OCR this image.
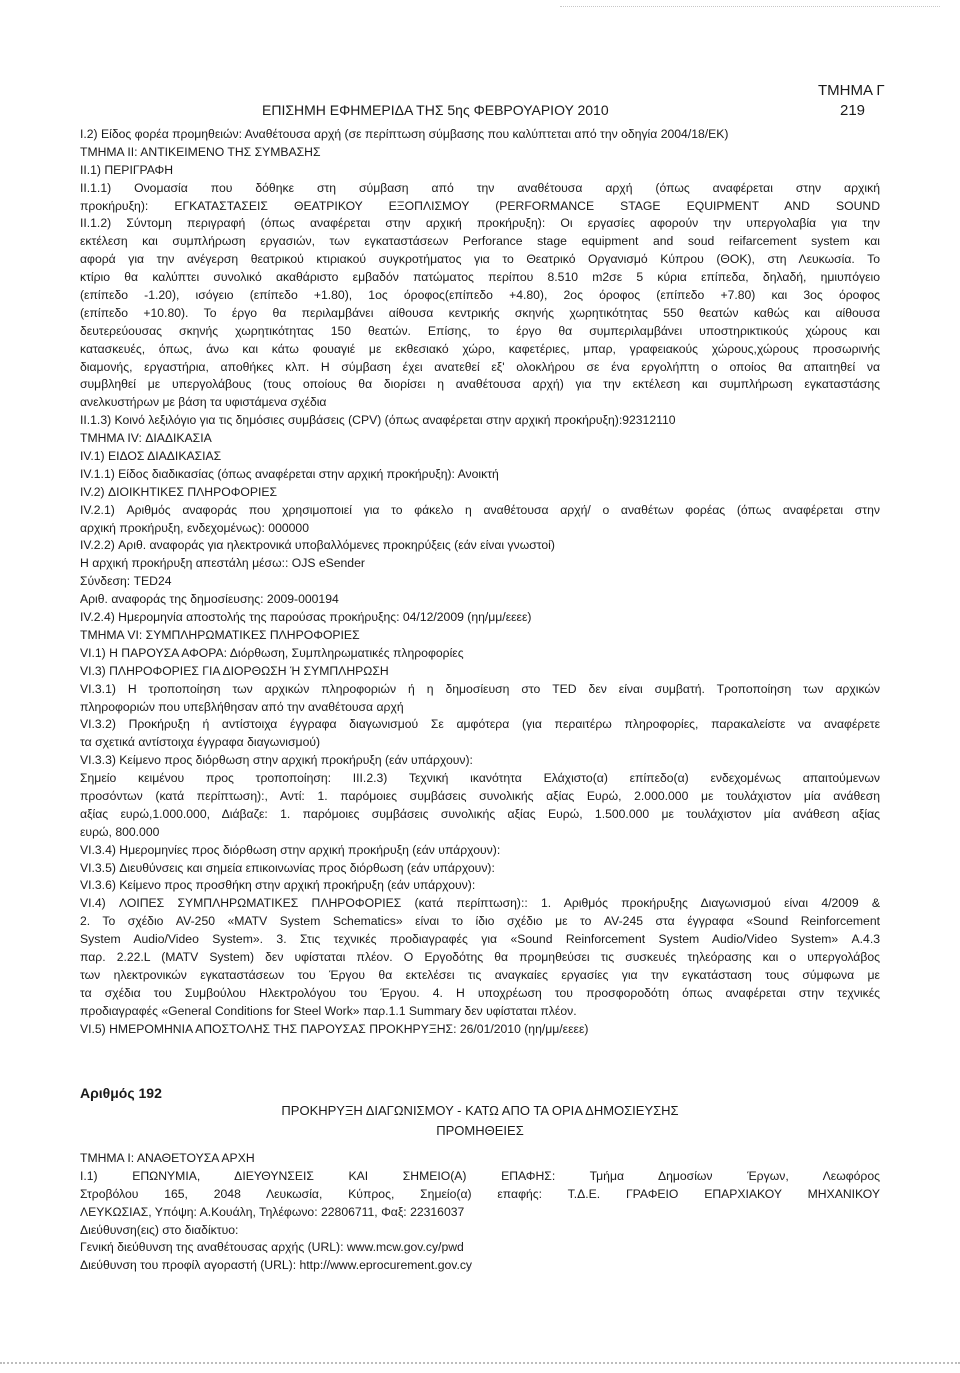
ΤΜΗΜΑ Γ
ΕΠΙΣΗΜΗ ΕΦΗΜΕΡΙΔΑ ΤΗΣ 5ης ΦΕΒΡΟΥΑΡΙΟΥ 2010	219
Ι.2) Είδος φορέα προμηθειών: Αναθέτουσα αρχή (σε περίπτωση σύμβασης που καλύπτεται από την οδηγία 2004/18/ΕΚ)
ΤΜΗΜΑ ΙΙ: ΑΝΤΙΚΕΙΜΕΝΟ ΤΗΣ ΣΥΜΒΑΣΗΣ
ΙΙ.1) ΠΕΡΙΓΡΑΦΗ
ΙΙ.1.1) Ονομασία που δόθηκε στη σύμβαση από την αναθέτουσα αρχή (όπως αναφέρεται στην αρχική
προκήρυξη): ΕΓΚΑΤΑΣΤΑΣΕΙΣ ΘΕΑΤΡΙΚΟΥ ΕΞΟΠΛΙΣΜΟΥ (PERFORMANCE STAGE EQUIPMENT AND SOUND
ΙΙ.1.2) Σύντομη περιγραφή (όπως αναφέρεται στην αρχική προκήρυξη): Οι εργασίες αφορούν την υπεργολαβία για την
εκτέλεση και συμπλήρωση εργασιών, των εγκαταστάσεων Perforance stage equipment and soud reifarcement system και
αφορά για την ανέγερση θεατρικού κτιριακού συγκροτήματος για το Θεατρικό Οργανισμό Κύπρου (ΘΟΚ), στη Λευκωσία. Το
κτίριο θα καλύπτει συνολικό ακαθάριστο εμβαδόν πατώματος περίπου 8.510 m2σε 5 κύρια επίπεδα, δηλαδή, ημιυπόγειο
(επίπεδο -1.20), ισόγειο (επίπεδο +1.80), 1ος όροφος(επίπεδο +4.80), 2ος όροφος (επίπεδο +7.80) και 3ος όροφος
(επίπεδο +10.80). Το έργο θα περιλαμβάνει αίθουσα κεντρικής σκηνής χωρητικότητας 550 θεατών καθώς και αίθουσα
δευτερεύουσας σκηνής χωρητικότητας 150 θεατών. Επίσης, το έργο θα συμπεριλαμβάνει υποστηρικτικούς χώρους και
κατασκευές, όπως, άνω και κάτω φουαγιέ με εκθεσιακό χώρο, καφετέριες, μπαρ, γραφειακούς χώρους,χώρους προσωρινής
διαμονής, εργαστήρια, αποθήκες κλπ. Η σύμβαση έχει ανατεθεί εξ' ολοκλήρου σε ένα εργολήπτη ο οποίος θα απαιτηθεί να
συμβληθεί με υπεργολάβους (τους οποίους θα διορίσει η αναθέτουσα αρχή) για την εκτέλεση και συμπλήρωση εγκαταστάσης
ανελκυστήρων με βάση τα υφιστάμενα σχέδια
ΙΙ.1.3) Κοινό λεξιλόγιο για τις δημόσιες συμβάσεις (CPV) (όπως αναφέρεται στην αρχική προκήρυξη):92312110
ΤΜΗΜΑ IV: ΔΙΑΔΙΚΑΣΙΑ
IV.1) ΕΙΔΟΣ ΔΙΑΔΙΚΑΣΙΑΣ
IV.1.1) Είδος διαδικασίας (όπως αναφέρεται στην αρχική προκήρυξη): Ανοικτή
IV.2) ΔΙΟΙΚΗΤΙΚΕΣ ΠΛΗΡΟΦΟΡΙΕΣ
IV.2.1) Αριθμός αναφοράς που χρησιμοποιεί για το φάκελο η αναθέτουσα αρχή/ ο αναθέτων φορέας (όπως αναφέρεται στην
αρχική προκήρυξη, ενδεχομένως): 000000
IV.2.2) Αριθ. αναφοράς για ηλεκτρονικά υποβαλλόμενες προκηρύξεις (εάν είναι γνωστοί)
Η αρχική προκήρυξη απεστάλη μέσω:: OJS eSender
Σύνδεση: TED24
Αριθ. αναφοράς της δημοσίευσης: 2009-000194
IV.2.4) Ημερομηνία αποστολής της παρούσας προκήρυξης: 04/12/2009 (ηη/μμ/εεεε)
ΤΜΗΜΑ VI: ΣΥΜΠΛΗΡΩΜΑΤΙΚΕΣ ΠΛΗΡΟΦΟΡΙΕΣ
VI.1) Η ΠΑΡΟΥΣΑ ΑΦΟΡΑ: Διόρθωση, Συμπληρωματικές πληροφορίες
VI.3) ΠΛΗΡΟΦΟΡΙΕΣ ΓΙΑ ΔΙΟΡΘΩΣΗ Ή ΣΥΜΠΛΗΡΩΣΗ
VI.3.1) Η τροποποίηση των αρχικών πληροφοριών ή η δημοσίευση στο TED δεν είναι συμβατή. Τροποποίηση των αρχικών
πληροφοριών που υπεβλήθησαν από την αναθέτουσα αρχή
VI.3.2) Προκήρυξη ή αντίστοιχα έγγραφα διαγωνισμού Σε αμφότερα (για περαιτέρω πληροφορίες, παρακαλείστε να αναφέρετε
τα σχετικά αντίστοιχα έγγραφα διαγωνισμού)
VI.3.3) Κείμενο προς διόρθωση στην αρχική προκήρυξη (εάν υπάρχουν):
Σημείο κειμένου προς τροποποίηση: ΙΙΙ.2.3) Τεχνική ικανότητα Ελάχιστο(α) επίπεδο(α) ενδεχομένως απαιτούμενων
προσόντων (κατά περίπτωση):, Αντί: 1. παρόμοιες συμβάσεις συνολικής αξίας Ευρώ, 2.000.000 με τουλάχιστον μία ανάθεση
αξίας ευρώ,1.000.000, Διάβαζε: 1. παρόμοιες συμβάσεις συνολικής αξίας Ευρώ, 1.500.000 με τουλάχιστον μία ανάθεση αξίας
ευρώ, 800.000
VI.3.4) Ημερομηνίες προς διόρθωση στην αρχική προκήρυξη (εάν υπάρχουν):
VI.3.5) Διευθύνσεις και σημεία επικοινωνίας προς διόρθωση (εάν υπάρχουν):
VI.3.6) Κείμενο προς προσθήκη στην αρχική προκήρυξη (εάν υπάρχουν):
VI.4) ΛΟΙΠΕΣ ΣΥΜΠΛΗΡΩΜΑΤΙΚΕΣ ΠΛΗΡΟΦΟΡΙΕΣ (κατά περίπτωση):: 1. Αριθμός προκήρυξης Διαγωνισμού είναι 4/2009 &
2. Το σχέδιο AV-250 «MATV System Schematics» είναι το ίδιο σχέδιο με το AV-245 στα έγγραφα «Sound Reinforcement
System Audio/Video System». 3. Στις τεχνικές προδιαγραφές για «Sound Reinforcement System Audio/Video System» Α.4.3
παρ. 2.22.L (MATV System) δεν υφίσταται πλέον. Ο Εργοδότης θα προμηθεύσει τις συσκευές τηλεόρασης και ο υπεργολάβος
των ηλεκτρονικών εγκαταστάσεων του Έργου θα εκτελέσει τις αναγκαίες εργασίες για την εγκατάσταση τους σύμφωνα με
τα σχέδια του Συμβούλου Ηλεκτρολόγου του Έργου. 4. Η υποχρέωση του προσφοροδότη όπως αναφέρεται στην τεχνικές
προδιαγραφές «General Conditions for Steel Work» παρ.1.1 Summary δεν υφίσταται πλέον.
VI.5) ΗΜΕΡΟΜΗΝΙΑ ΑΠΟΣΤΟΛΗΣ ΤΗΣ ΠΑΡΟΥΣΑΣ ΠΡΟΚΗΡΥΞΗΣ: 26/01/2010 (ηη/μμ/εεεε)
Αριθμός 192
ΠΡΟΚΗΡΥΞΗ ΔΙΑΓΩΝΙΣΜΟΥ - ΚΑΤΩ ΑΠΟ ΤΑ ΟΡΙΑ ΔΗΜΟΣΙΕΥΣΗΣ
ΠΡΟΜΗΘΕΙΕΣ
ΤΜΗΜΑ Ι: ΑΝΑΘΕΤΟΥΣΑ ΑΡΧΗ
Ι.1) ΕΠΩΝΥΜΙΑ, ΔΙΕΥΘΥΝΣΕΙΣ ΚΑΙ ΣΗΜΕΙΟ(Α) ΕΠΑΦΗΣ: Τμήμα Δημοσίων Έργων, Λεωφόρος
Στροβόλου 165, 2048 Λευκωσία, Κύπρος, Σημείο(α) επαφής: Τ.Δ.Ε. ΓΡΑΦΕΙΟ ΕΠΑΡΧΙΑΚΟΥ ΜΗΧΑΝΙΚΟΥ
ΛΕΥΚΩΣΙΑΣ, Υπόψη: Α.Κουάλη, Τηλέφωνο: 22806711, Φαξ: 22316037
Διεύθυνση(εις) στο διαδίκτυο:
Γενική διεύθυνση της αναθέτουσας αρχής (URL): www.mcw.gov.cy/pwd
Διεύθυνση του προφίλ αγοραστή (URL): http://www.eprocurement.gov.cy
